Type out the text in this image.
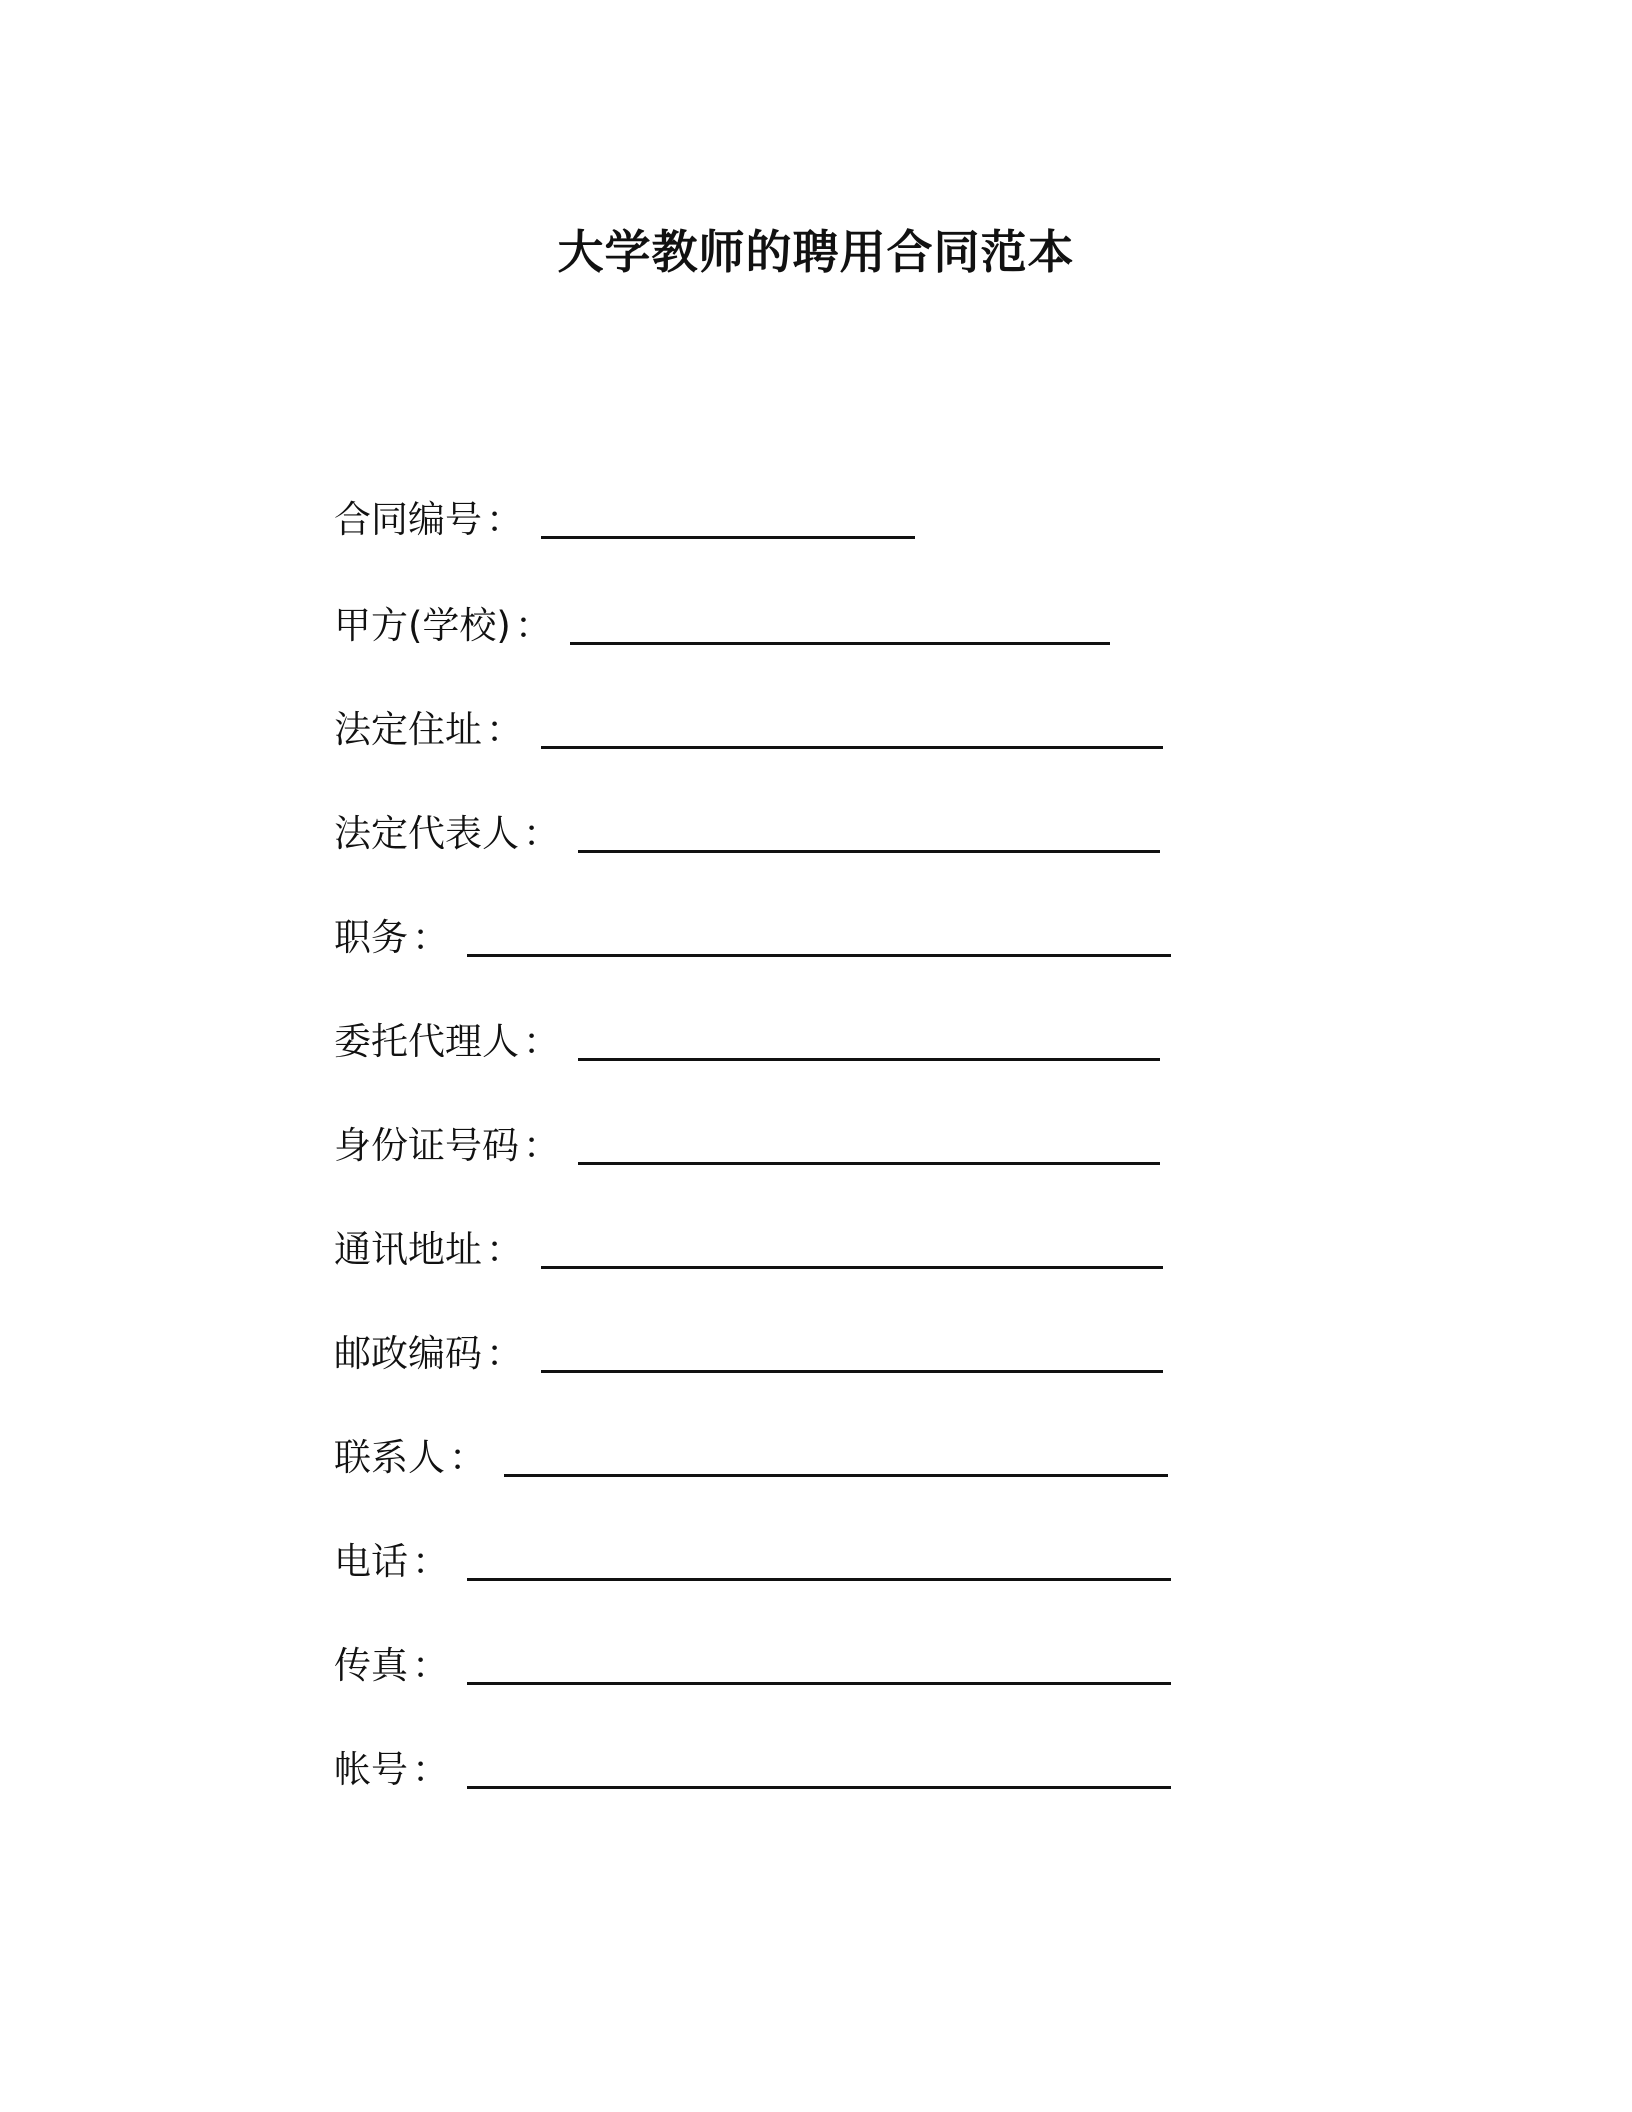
大学教师的聘用合同范本
合同编号 ：
甲方(学校) ：
法定住址 ：
法定代表人 ：
职务 ：
委托代理人 ：
身份证号码 ：
通讯地址 ：
邮政编码 ：
联系人 ：
电话 ：
传真 ：
帐号 ：
